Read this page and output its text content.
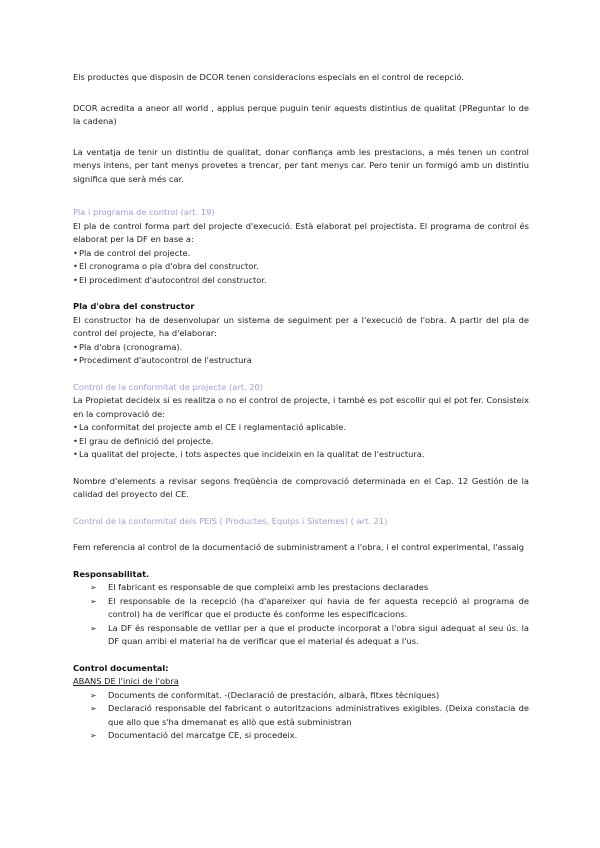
Els productes que disposin de DCOR tenen consideracions especials en el control de recepció.

DCOR acredita a aneor all world , applus perque puguin tenir aquests distintius de qualitat (PReguntar lo de la cadena)

La ventatja de tenir un distintiu de qualitat, donar confiança amb les prestacions, a més tenen un control menys intens, per tant menys provetes a trencar, per tant menys car. Pero tenir un formigó amb un distintiu significa que serà més car.

Pla i programa de control (art. 19)

El pla de control forma part del projecte d'execució. Està elaborat pel projectista. El programa de control és elaborat per la DF en base a:

• Pla de control del projecte.
• El cronograma o pla d'obra del constructor.
• El procediment d'autocontrol del constructor.

Pla d'obra del constructor

El constructor ha de desenvolupar un sistema de seguiment per a l'execució de l'obra. A partir del pla de control del projecte, ha d'elaborar:

• Pla d'obra (cronograma).
• Procediment d'autocontrol de l'estructura

Control de la conformitat de projecte (art. 20)

La Propietat decideix si es realitza o no el control de projecte, i també es pot escollir qui el pot fer. Consisteix en la comprovació de:

• La conformitat del projecte amb el CE i reglamentació aplicable.
• El grau de definició del projecte.
• La qualitat del projecte, i tots aspectes que incideixin en la qualitat de l'estructura.

Nombre d'elements a revisar segons freqüència de comprovació determinada en el Cap. 12 Gestión de la calidad del proyecto del CE.

Control de la conformitat dels PEIS ( Productes, Equips i Sistemes) ( art. 21)

Fem referencia al control de la documentació de subministrament a l'obra, i el control experimental, l'assaig

Responsabilitat.

➢ El fabricant es responsable de que compleixi amb les prestacions declarades
➢ El responsable de la recepció (ha d'apareixer qui havia de fer aquesta recepció al programa de control) ha de verificar que el producte és conforme les especificacions.
➢ La DF és responsable de vetllar per a que el producte incorporat a l'obra sigui adequat al seu ús. la DF quan arribi el material ha de verificar que el material és adequat a l'us.

Control documental:

ABANS DE l'inici de l'obra

➢ Documents de conformitat. -(Declaració de prestación, albarà, fitxes tècniques)
➢ Declaració responsable del fabricant o autoritzacions administratives exigibles. (Deixa constacia de que allo que s'ha dmemanat es allò que està subministran
➢ Documentació del marcatge CE, si procedeix.
